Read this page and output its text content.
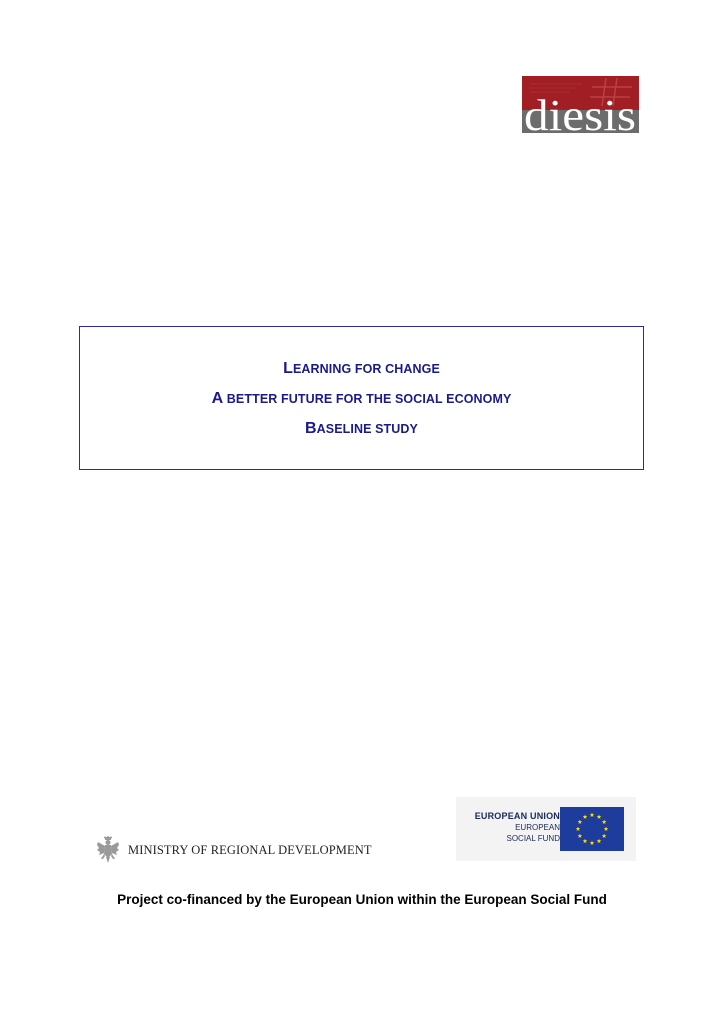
diesis
LEARNING FOR CHANGE
A BETTER FUTURE FOR THE SOCIAL ECONOMY
BASELINE STUDY
EUROPEAN UNION
EUROPEAN
SOCIAL FUND
MINISTRY OF REGIONAL DEVELOPMENT
Project co-financed by the European Union within the European Social Fund
